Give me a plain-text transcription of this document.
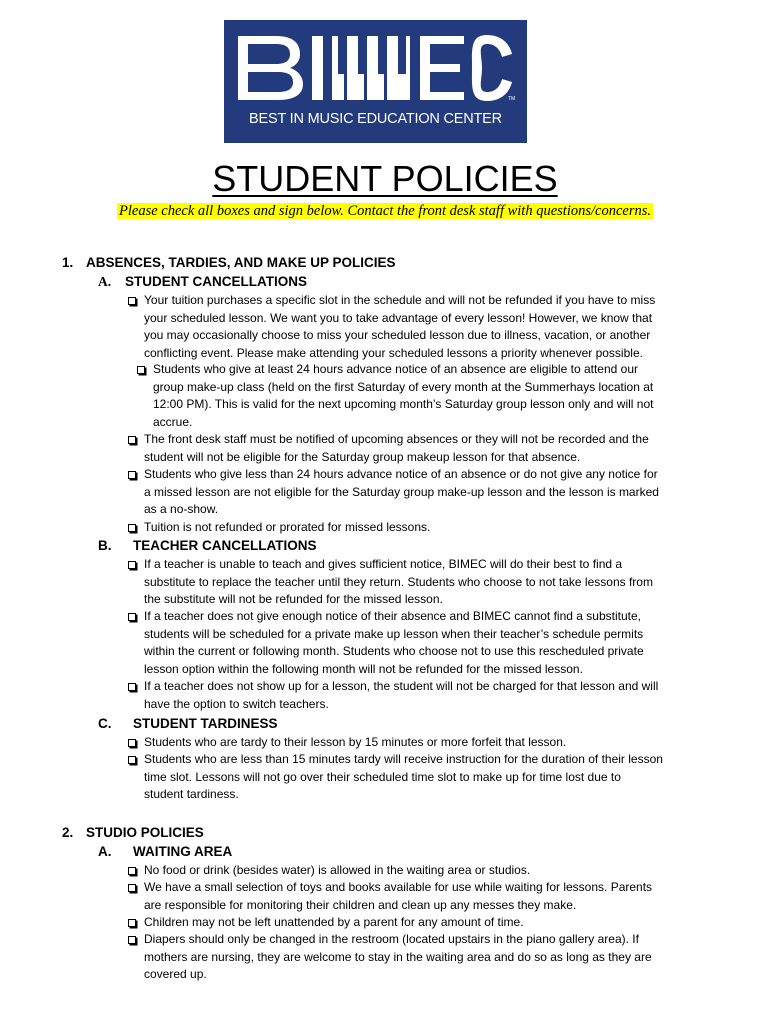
TM
BEST IN MUSIC EDUCATION CENTER
STUDENT POLICIES
Please check all boxes and sign below. Contact the front desk staff with questions/concerns.
1. ABSENCES, TARDIES, AND MAKE UP POLICIES
A. STUDENT CANCELLATIONS
Your tuition purchases a specific slot in the schedule and will not be refunded if you have to miss
your scheduled lesson. We want you to take advantage of every lesson! However, we know that
you may occasionally choose to miss your scheduled lesson due to illness, vacation, or another
conflicting event. Please make attending your scheduled lessons a priority whenever possible.
Students who give at least 24 hours advance notice of an absence are eligible to attend our
group make-up class (held on the first Saturday of every month at the Summerhays location at
12:00 PM). This is valid for the next upcoming month’s Saturday group lesson only and will not
accrue.
The front desk staff must be notified of upcoming absences or they will not be recorded and the
student will not be eligible for the Saturday group makeup lesson for that absence.
Students who give less than 24 hours advance notice of an absence or do not give any notice for
a missed lesson are not eligible for the Saturday group make-up lesson and the lesson is marked
as a no-show.
Tuition is not refunded or prorated for missed lessons.
B. TEACHER CANCELLATIONS
If a teacher is unable to teach and gives sufficient notice, BIMEC will do their best to find a
substitute to replace the teacher until they return. Students who choose to not take lessons from
the substitute will not be refunded for the missed lesson.
If a teacher does not give enough notice of their absence and BIMEC cannot find a substitute,
students will be scheduled for a private make up lesson when their teacher’s schedule permits
within the current or following month. Students who choose not to use this rescheduled private
lesson option within the following month will not be refunded for the missed lesson.
If a teacher does not show up for a lesson, the student will not be charged for that lesson and will
have the option to switch teachers.
C. STUDENT TARDINESS
Students who are tardy to their lesson by 15 minutes or more forfeit that lesson.
Students who are less than 15 minutes tardy will receive instruction for the duration of their lesson
time slot. Lessons will not go over their scheduled time slot to make up for time lost due to
student tardiness.
2. STUDIO POLICIES
A. WAITING AREA
No food or drink (besides water) is allowed in the waiting area or studios.
We have a small selection of toys and books available for use while waiting for lessons. Parents
are responsible for monitoring their children and clean up any messes they make.
Children may not be left unattended by a parent for any amount of time.
Diapers should only be changed in the restroom (located upstairs in the piano gallery area). If
mothers are nursing, they are welcome to stay in the waiting area and do so as long as they are
covered up.
